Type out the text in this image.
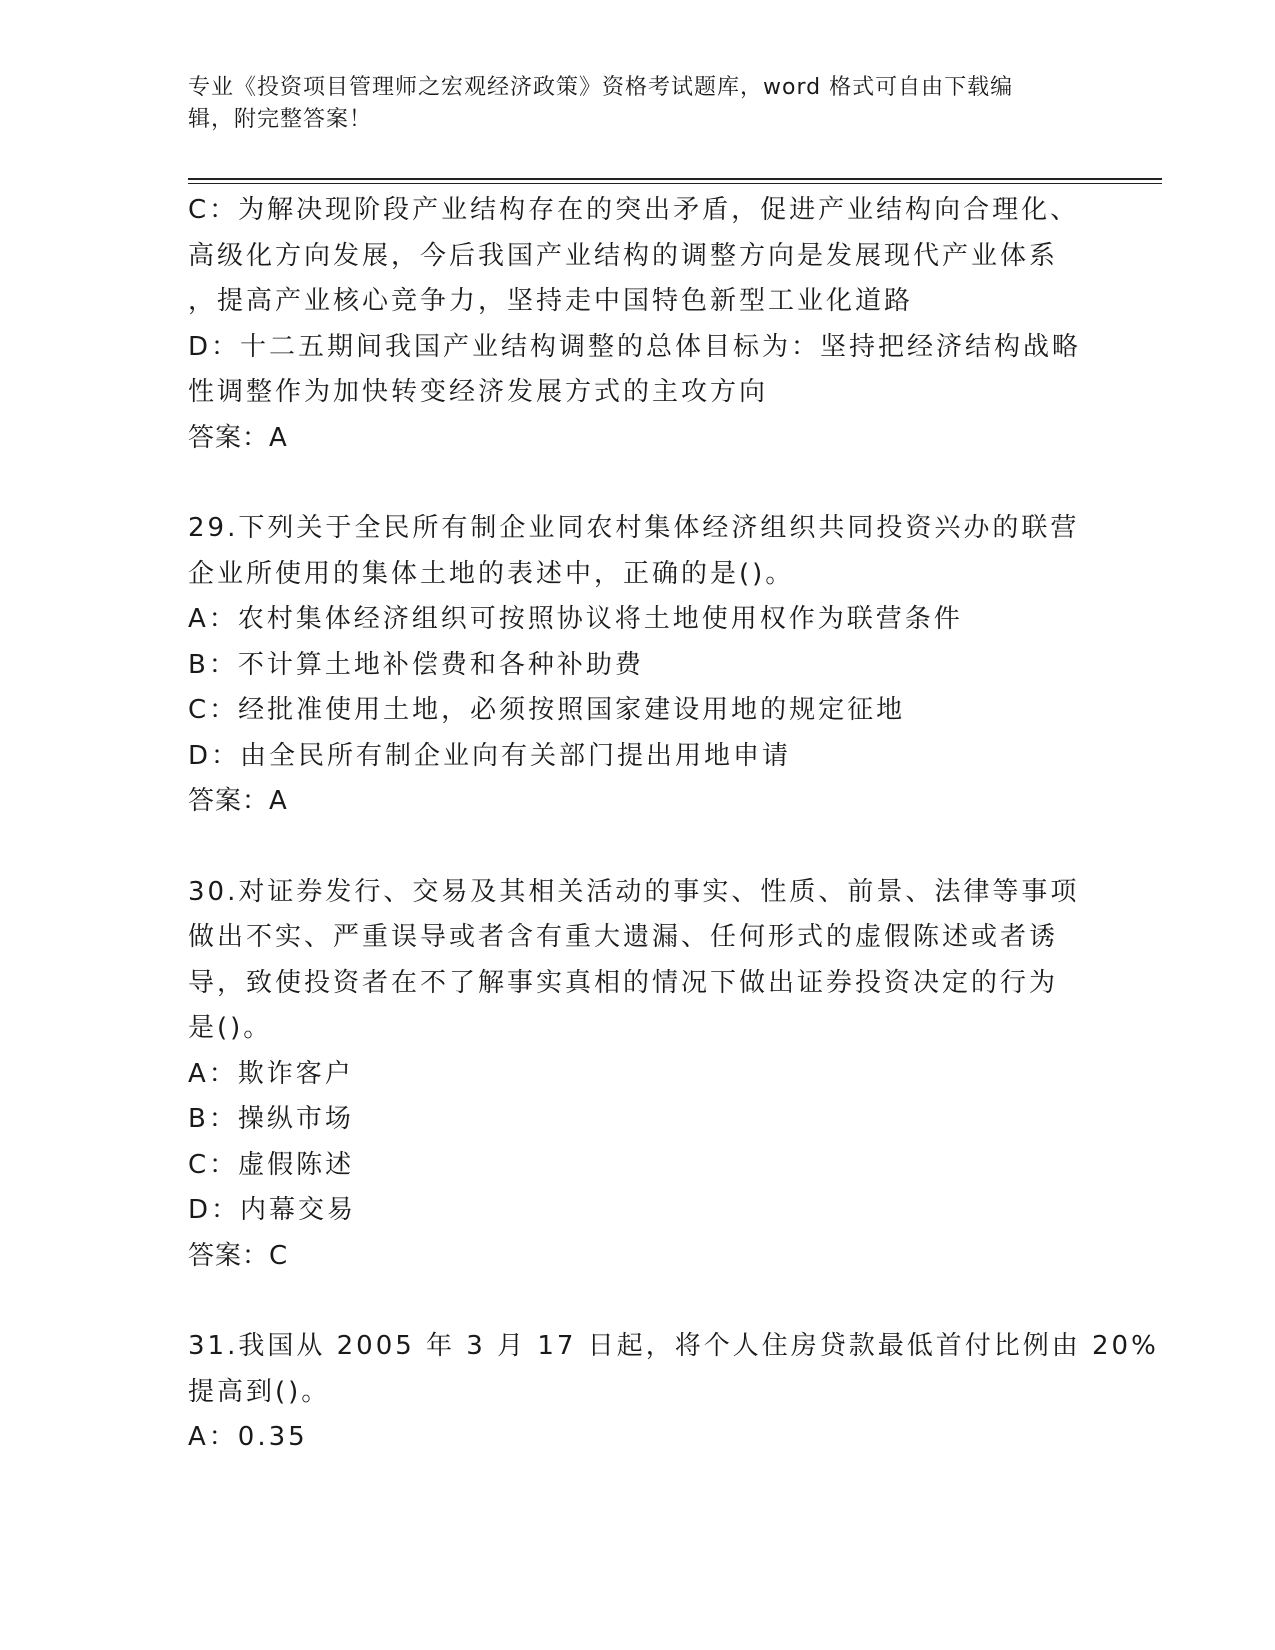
专业《投资项目管理师之宏观经济政策》资格考试题库，word 格式可自由下载编
辑，附完整答案！
C：为解决现阶段产业结构存在的突出矛盾，促进产业结构向合理化、
高级化方向发展，今后我国产业结构的调整方向是发展现代产业体系
，提高产业核心竞争力，坚持走中国特色新型工业化道路
D：十二五期间我国产业结构调整的总体目标为：坚持把经济结构战略
性调整作为加快转变经济发展方式的主攻方向
答案：A
29.下列关于全民所有制企业同农村集体经济组织共同投资兴办的联营
企业所使用的集体土地的表述中，正确的是()。
A：农村集体经济组织可按照协议将土地使用权作为联营条件
B：不计算土地补偿费和各种补助费
C：经批准使用土地，必须按照国家建设用地的规定征地
D：由全民所有制企业向有关部门提出用地申请
答案：A
30.对证券发行、交易及其相关活动的事实、性质、前景、法律等事项
做出不实、严重误导或者含有重大遗漏、任何形式的虚假陈述或者诱
导，致使投资者在不了解事实真相的情况下做出证券投资决定的行为
是()。
A：欺诈客户
B：操纵市场
C：虚假陈述
D：内幕交易
答案：C
31.我国从 2005 年 3 月 17 日起，将个人住房贷款最低首付比例由 20%
提高到()。
A：0.35
